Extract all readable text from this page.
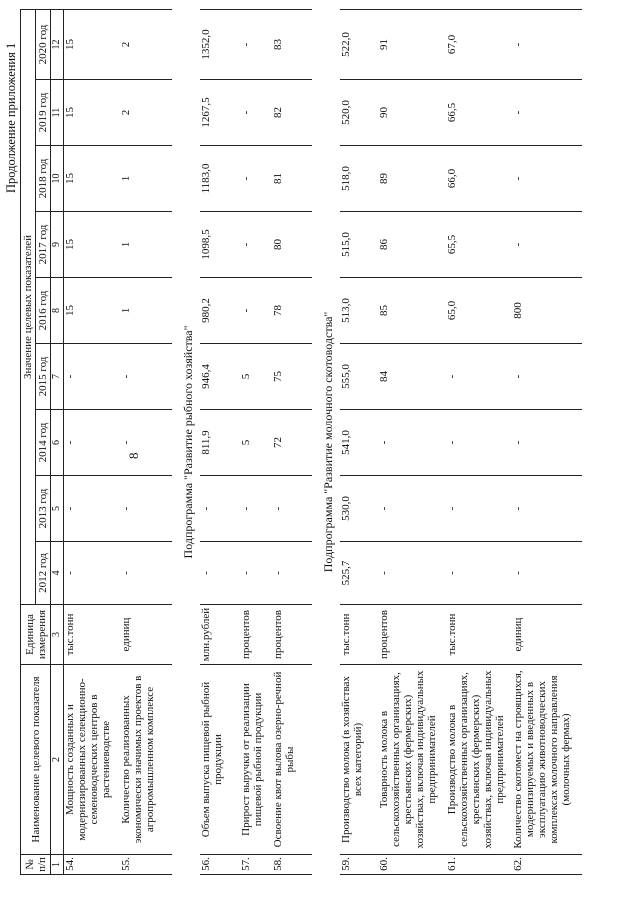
8
Продолжение приложения 1
№ п/п	Наименование целевого показателя	Единица измерения	Значение целевых показателей								
			2012 год	2013 год	2014 год	2015 год	2016 год	2017 год	2018 год	2019 год	2020 год
1	2	3	4	5	6	7	8	9	10	11	12
54.	Мощность созданных и модернизированных селекционно-семеноводческих центров в растениеводстве	тыс.тонн	-	-	-	-	15	15	15	15	15
55.	Количество реализованных экономически значимых проектов в агропромышленном комплексе	единиц	-	-	-	-	1	1	1	2	2

Подпрограмма "Развитие рыбного хозяйства"											

56.	Объем выпуска пищевой рыбной продукции	млн.рублей	-	-	811,9	946,4	980,2	1098,5	1183,0	1267,5	1352,0
57.	Прирост выручки от реализации пищевой рыбной продукции	процентов	-	-	5	5	-	-	-	-	-
58.	Освоение квот вылова озерно-речной рыбы	процентов	-	-	72	75	78	80	81	82	83

Подпрограмма "Развитие молочного скотоводства"											

59.	Производство молока (в хозяйствах всех категорий)	тыс.тонн	525,7	530,0	541,0	555,0	513,0	515,0	518,0	520,0	522,0
60.	Товарность молока в сельскохозяйственных организациях, крестьянских (фермерских) хозяйствах, включая индивидуальных предпринимателей	процентов	-	-	-	84	85	86	89	90	91
61.	Производство молока в сельскохозяйственных организациях, крестьянских (фермерских) хозяйствах, включая индивидуальных предпринимателей	тыс.тонн	-	-	-	-	65,0	65,5	66,0	66,5	67,0
62.	Количество скотомест на строящихся, модернизируемых и введенных в эксплуатацию животноводческих комплексах молочного направления (молочных фермах)	единиц	-	-	-	-	800	-	-	-	-
